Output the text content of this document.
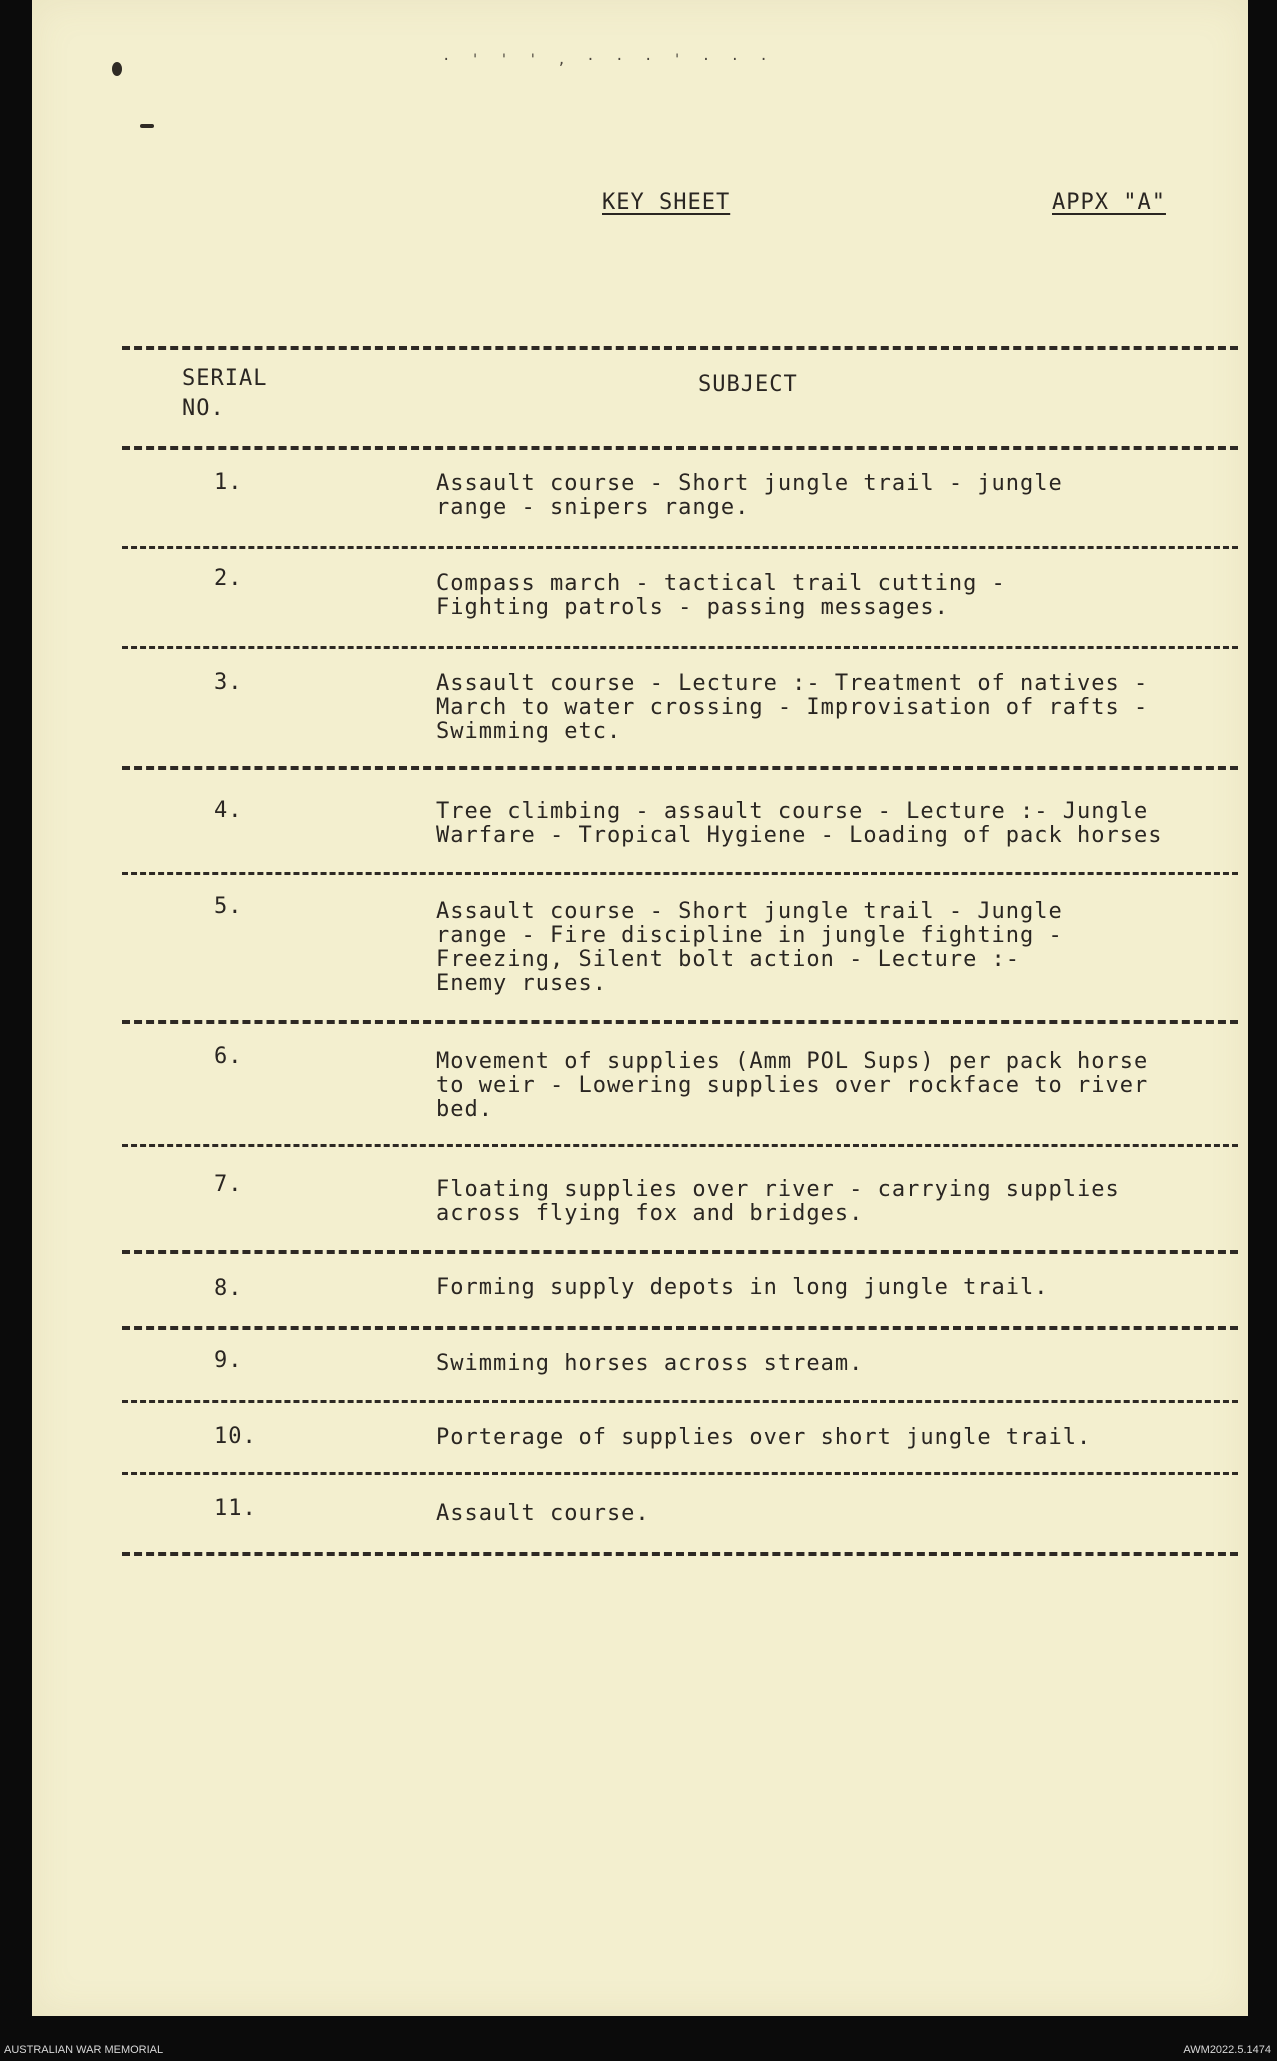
· ' ' ' , · · · ' · · ·
KEY SHEET	APPX "A"
SERIAL
NO.
SUBJECT
1.	Assault course - Short jungle trail - jungle
range - snipers range.
2.	Compass march - tactical trail cutting -
Fighting patrols - passing messages.
3.	Assault course - Lecture :- Treatment of natives -
March to water crossing - Improvisation of rafts -
Swimming etc.
4.	Tree climbing - assault course - Lecture :- Jungle
Warfare - Tropical Hygiene - Loading of pack horses
5.	Assault course - Short jungle trail - Jungle
range - Fire discipline in jungle fighting -
Freezing, Silent bolt action - Lecture :-
Enemy ruses.
6.	Movement of supplies (Amm POL Sups) per pack horse
to weir - Lowering supplies over rockface to river
bed.
7.	Floating supplies over river - carrying supplies
across flying fox and bridges.
8.	Forming supply depots in long jungle trail.
9.	Swimming horses across stream.
10.	Porterage of supplies over short jungle trail.
11.	Assault course.
AUSTRALIAN WAR MEMORIAL	AWM2022.5.1474
